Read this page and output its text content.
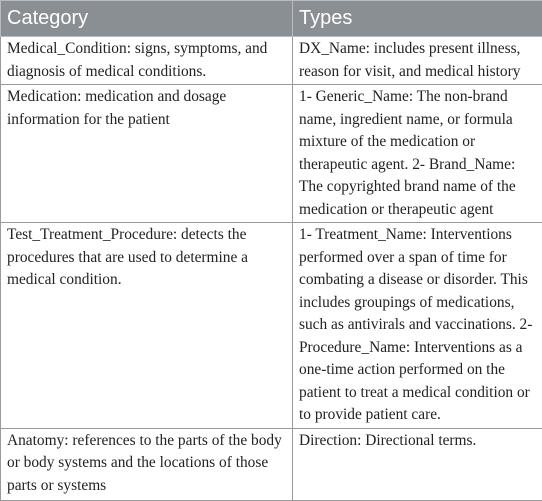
Category	Types

Medical_Condition: signs, symptoms, and diagnosis of medical conditions.	DX_Name: includes present illness, reason for visit, and medical history

Medication: medication and dosage information for the patient	1- Generic_Name: The non-brand name, ingredient name, or formula mixture of the medication or therapeutic agent. 2- Brand_Name: The copyrighted brand name of the medication or therapeutic agent

Test_Treatment_Procedure: detects the procedures that are used to determine a medical condition.	1- Treatment_Name: Interventions performed over a span of time for combating a disease or disorder. This includes groupings of medications, such as antivirals and vaccinations. 2- Procedure_Name: Interventions as a one-time action performed on the patient to treat a medical condition or to provide patient care.

Anatomy: references to the parts of the body or body systems and the locations of those parts or systems	Direction: Directional terms.
